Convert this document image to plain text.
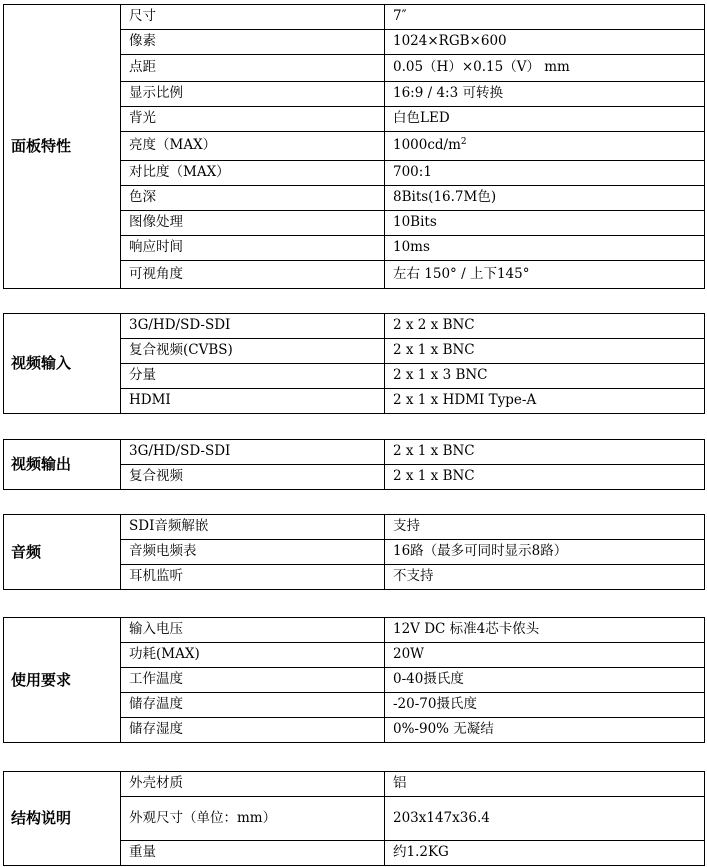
面板特性	尺寸	7″
	像素	1024×RGB×600
	点距	0.05（H）×0.15（V） mm
	显示比例	16:9 / 4:3 可转换
	背光	白色LED
	亮度（MAX）	$1000cd/m^2$
	对比度（MAX）	700:1
	色深	8Bits(16.7M色)
	图像处理	10Bits
	响应时间	10ms
	可视角度	左右 150° / 上下145°
视频输入	3G/HD/SD-SDI	2 x 2 x BNC
	复合视频(CVBS)	2 x 1 x BNC
	分量	2 x 1 x 3 BNC
	HDMI	2 x 1 x HDMI Type-A
视频输出	3G/HD/SD-SDI	2 x 1 x BNC
	复合视频	2 x 1 x BNC
音频	SDI音频解嵌	支持
	音频电频表	16路（最多可同时显示8路）
	耳机监听	不支持
使用要求	输入电压	12V DC 标准4芯卡侬头
	功耗(MAX)	20W
	工作温度	0-40摄氏度
	储存温度	-20-70摄氏度
	储存湿度	0%-90% 无凝结
结构说明	外壳材质	铝
	外观尺寸（单位：mm）	203x147x36.4
	重量	约1.2KG
